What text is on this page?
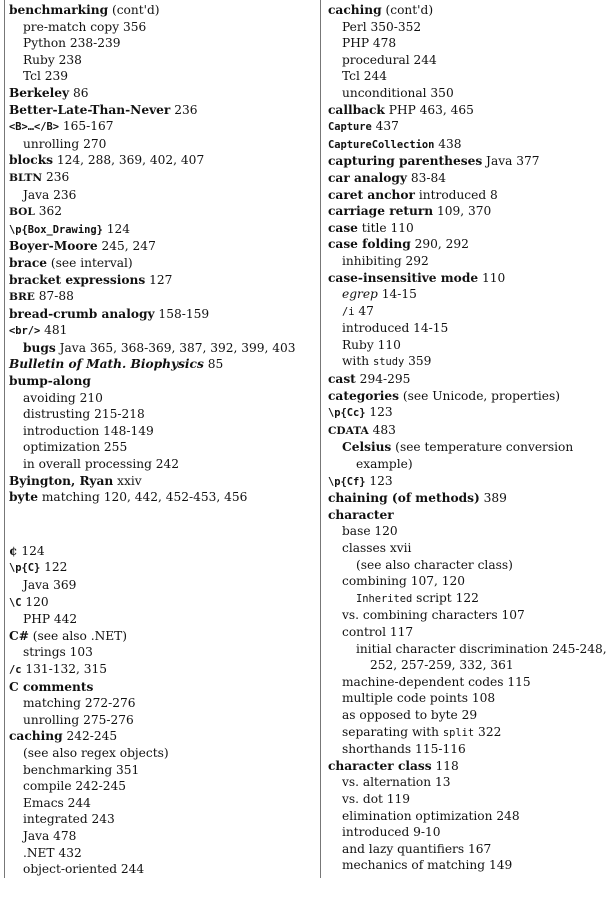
benchmarking (cont'd)
pre-match copy 356
Python 238-239
Ruby 238
Tcl 239
Berkeley 86
Better-Late-Than-Never 236
<B>…</B> 165-167
unrolling 270
blocks 124, 288, 369, 402, 407
BLTN 236
Java 236
BOL 362
\p{Box_Drawing} 124
Boyer-Moore 245, 247
brace (see interval)
bracket expressions 127
BRE 87-88
bread-crumb analogy 158-159
<br/> 481
bugs Java 365, 368-369, 387, 392, 399, 403
Bulletin of Math. Biophysics 85
bump-along
avoiding 210
distrusting 215-218
introduction 148-149
optimization 255
in overall processing 242
Byington, Ryan xxiv
byte matching 120, 442, 452-453, 456
¢ 124
\p{C} 122
Java 369
\C 120
PHP 442
C# (see also .NET)
strings 103
/c 131-132, 315
C comments
matching 272-276
unrolling 275-276
caching 242-245
(see also regex objects)
benchmarking 351
compile 242-245
Emacs 244
integrated 243
Java 478
.NET 432
object-oriented 244
caching (cont'd)
Perl 350-352
PHP 478
procedural 244
Tcl 244
unconditional 350
callback PHP 463, 465
Capture 437
CaptureCollection 438
capturing parentheses Java 377
car analogy 83-84
caret anchor introduced 8
carriage return 109, 370
case title 110
case folding 290, 292
inhibiting 292
case-insensitive mode 110
egrep 14-15
/i 47
introduced 14-15
Ruby 110
with study 359
cast 294-295
categories (see Unicode, properties)
\p{Cc} 123
CDATA 483
Celsius (see temperature conversion example)
\p{Cf} 123
chaining (of methods) 389
character
base 120
classes xvii
(see also character class)
combining 107, 120
Inherited script 122
vs. combining characters 107
control 117
initial character discrimination 245-248, 252, 257-259, 332, 361
machine-dependent codes 115
multiple code points 108
as opposed to byte 29
separating with split 322
shorthands 115-116
character class 118
vs. alternation 13
vs. dot 119
elimination optimization 248
introduced 9-10
and lazy quantifiers 167
mechanics of matching 149
